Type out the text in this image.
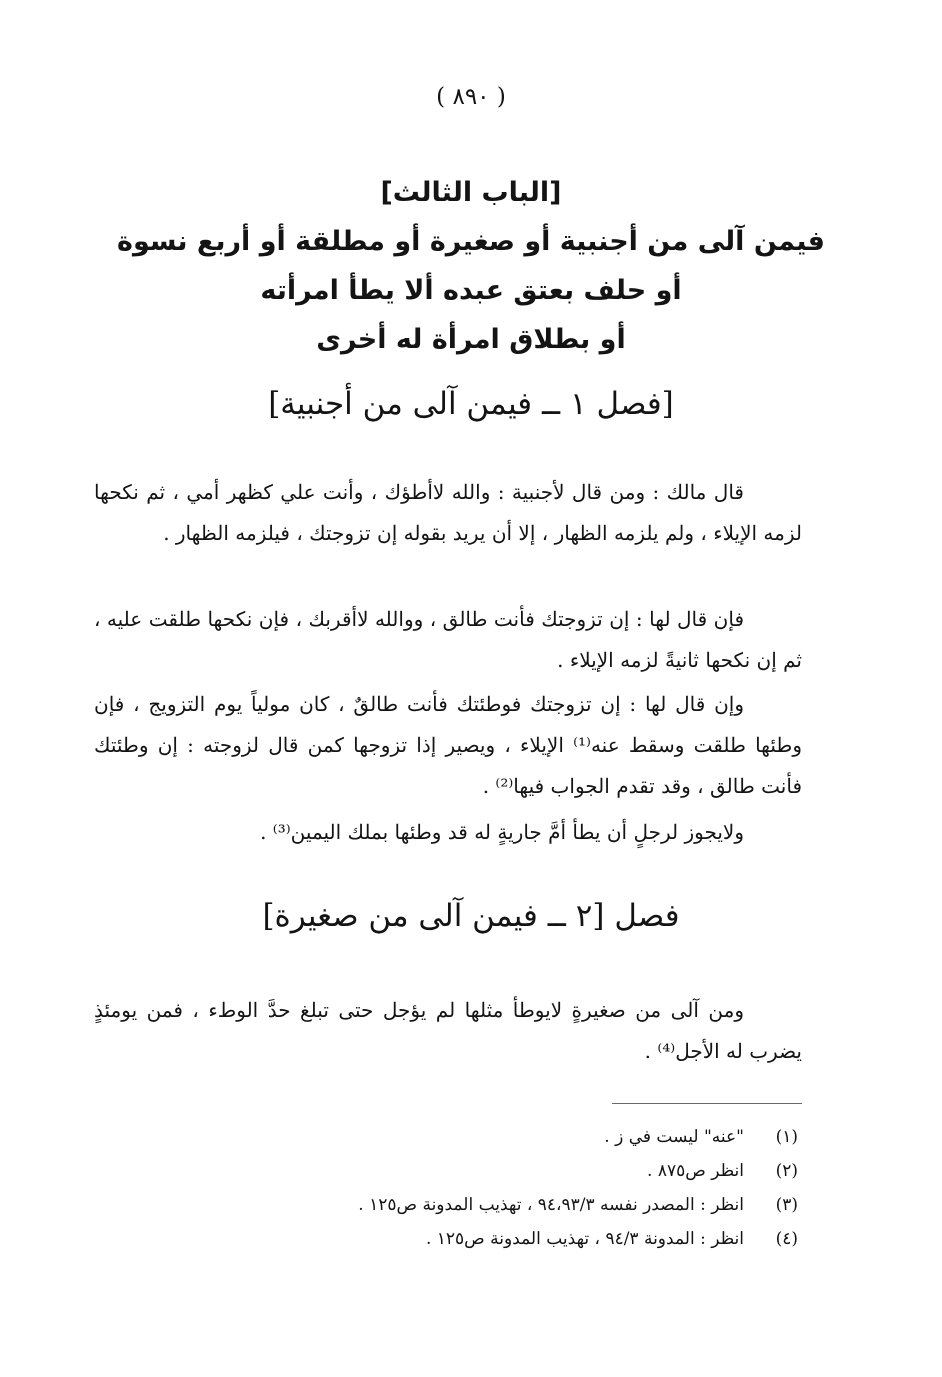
( ٨٩٠ )
[الباب الثالث]
فيمن آلى من أجنبية أو صغيرة أو مطلقة أو أربع نسوة
أو حلف بعتق عبده ألا يطأ امرأته
أو بطلاق امرأة له أخرى
[فصل ١ ــ فيمن آلى من أجنبية]
قال مالك : ومن قال لأجنبية : والله لاأطؤك ، وأنت علي كظهر أمي ، ثم نكحها لزمه الإيلاء ، ولم يلزمه الظهار ، إلا أن يريد بقوله إن تزوجتك ، فيلزمه الظهار .
فإن قال لها : إن تزوجتك فأنت طالق ، ووالله لاأقربك ، فإن نكحها طلقت عليه ، ثم إن نكحها ثانيةً لزمه الإيلاء .
وإن قال لها : إن تزوجتك فوطئتك فأنت طالقٌ ، كان مولياً يوم التزويج ، فإن وطئها طلقت وسقط عنه⁽¹⁾ الإيلاء ، ويصير إذا تزوجها كمن قال لزوجته : إن وطئتك فأنت طالق ، وقد تقدم الجواب فيها⁽²⁾ .
ولايجوز لرجلٍ أن يطأ أمَّ جاريةٍ له قد وطئها بملك اليمين⁽³⁾ .
فصل [٢ ــ فيمن آلى من صغيرة]
ومن آلى من صغيرةٍ لايوطأ مثلها لم يؤجل حتى تبلغ حدَّ الوطء ، فمن يومئذٍ يضرب له الأجل⁽⁴⁾ .
(١)
"عنه" ليست في ز .
(٢)
انظر ص٨٧٥ .
(٣)
انظر : المصدر نفسه ٩٤،٩٣/٣ ، تهذيب المدونة ص١٢٥ .
(٤)
انظر : المدونة ٩٤/٣ ، تهذيب المدونة ص١٢٥ .
